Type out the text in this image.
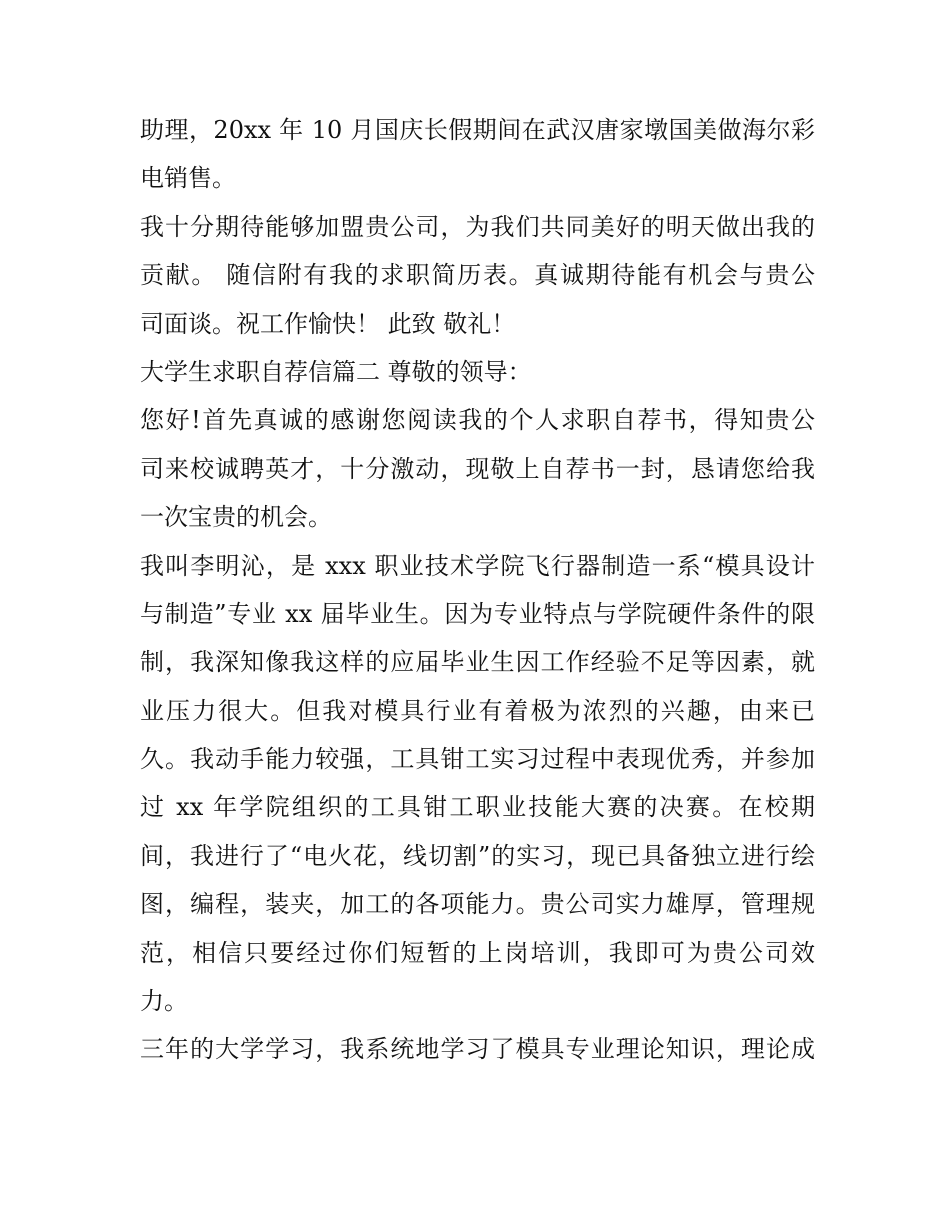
助理，20xx 年 10 月国庆长假期间在武汉唐家墩国美做海尔彩
电销售。
我十分期待能够加盟贵公司，为我们共同美好的明天做出我的
贡献。 随信附有我的求职简历表。真诚期待能有机会与贵公
司面谈。祝工作愉快！ 此致 敬礼！
大学生求职自荐信篇二 尊敬的领导：
您好!首先真诚的感谢您阅读我的个人求职自荐书，得知贵公
司来校诚聘英才，十分激动，现敬上自荐书一封，恳请您给我
一次宝贵的机会。
我叫李明沁，是 xxx 职业技术学院飞行器制造一系“模具设计
与制造”专业 xx 届毕业生。因为专业特点与学院硬件条件的限
制，我深知像我这样的应届毕业生因工作经验不足等因素，就
业压力很大。但我对模具行业有着极为浓烈的兴趣，由来已
久。我动手能力较强，工具钳工实习过程中表现优秀，并参加
过 xx 年学院组织的工具钳工职业技能大赛的决赛。在校期
间，我进行了“电火花，线切割”的实习，现已具备独立进行绘
图，编程，装夹，加工的各项能力。贵公司实力雄厚，管理规
范，相信只要经过你们短暂的上岗培训，我即可为贵公司效
力。
三年的大学学习，我系统地学习了模具专业理论知识，理论成
